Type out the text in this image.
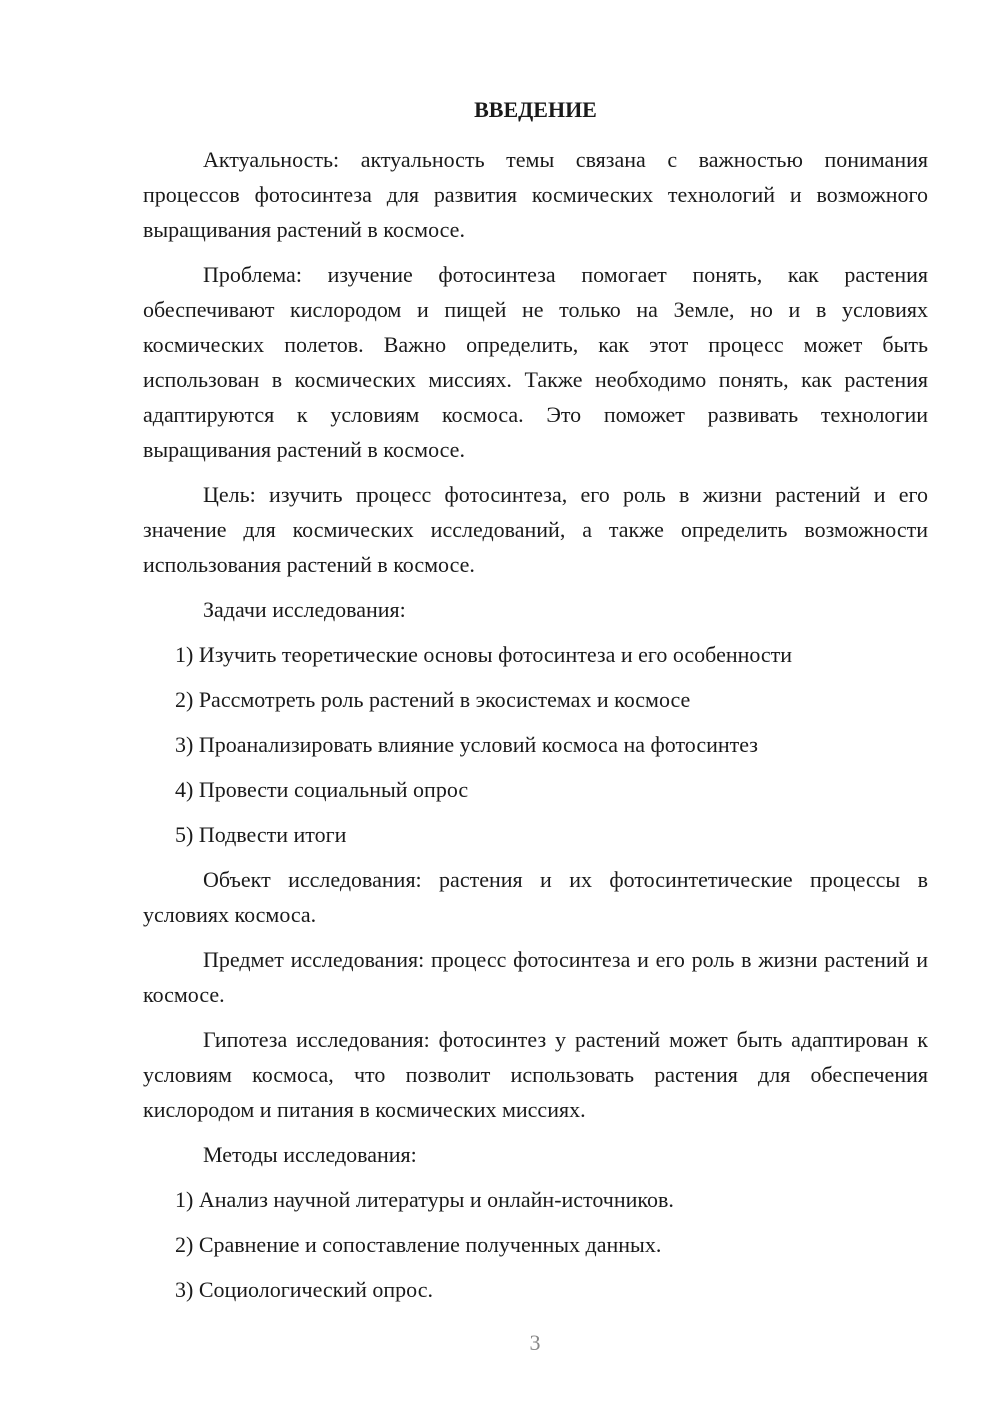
ВВЕДЕНИЕ

Актуальность: актуальность темы связана с важностью понимания процессов фотосинтеза для развития космических технологий и возможного выращивания растений в космосе.

Проблема: изучение фотосинтеза помогает понять, как растения обеспечивают кислородом и пищей не только на Земле, но и в условиях космических полетов. Важно определить, как этот процесс может быть использован в космических миссиях. Также необходимо понять, как растения адаптируются к условиям космоса. Это поможет развивать технологии выращивания растений в космосе.

Цель: изучить процесс фотосинтеза, его роль в жизни растений и его значение для космических исследований, а также определить возможности использования растений в космосе.

Задачи исследования:

1) Изучить теоретические основы фотосинтеза и его особенности
2) Рассмотреть роль растений в экосистемах и космосе
3) Проанализировать влияние условий космоса на фотосинтез
4) Провести социальный опрос
5) Подвести итоги

Объект исследования: растения и их фотосинтетические процессы в условиях космоса.

Предмет исследования: процесс фотосинтеза и его роль в жизни растений и космосе.

Гипотеза исследования: фотосинтез у растений может быть адаптирован к условиям космоса, что позволит использовать растения для обеспечения кислородом и питания в космических миссиях.

Методы исследования:

1) Анализ научной литературы и онлайн-источников.
2) Сравнение и сопоставление полученных данных.
3) Социологический опрос.
3
